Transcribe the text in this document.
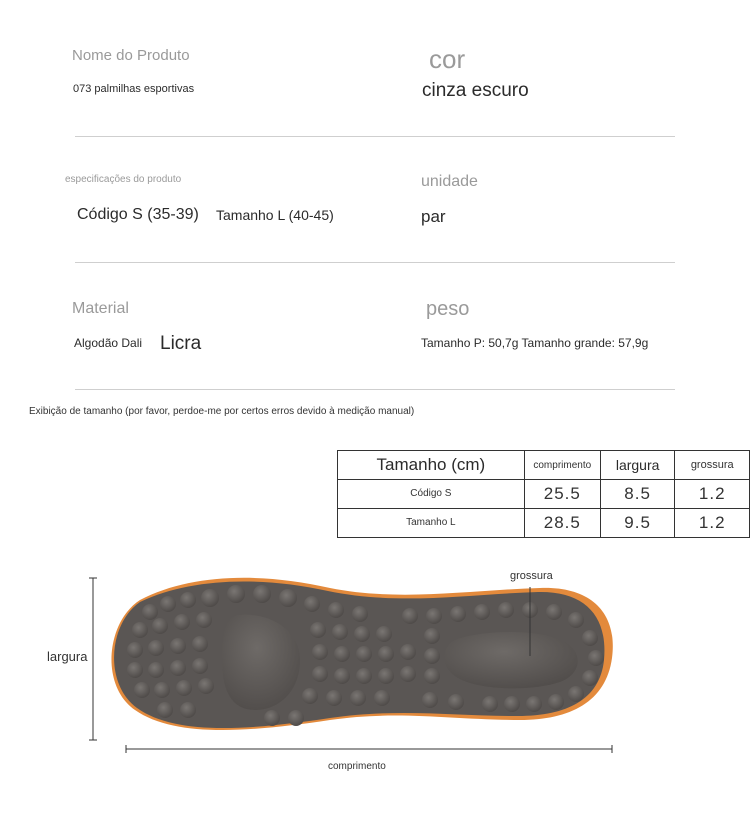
Nome do Produto
073 palmilhas esportivas
cor
cinza escuro
especificações do produto
Código S (35-39) Tamanho L (40-45)
unidade
par
Material
Algodão Dali Licra
peso
Tamanho P: 50,7g Tamanho grande: 57,9g
Exibição de tamanho (por favor, perdoe-me por certos erros devido à medição manual)
Tamanho (cm)	comprimento	largura	grossura
Código S	25.5	8.5	1.2
Tamanho L	28.5	9.5	1.2
grossura
largura
comprimento
